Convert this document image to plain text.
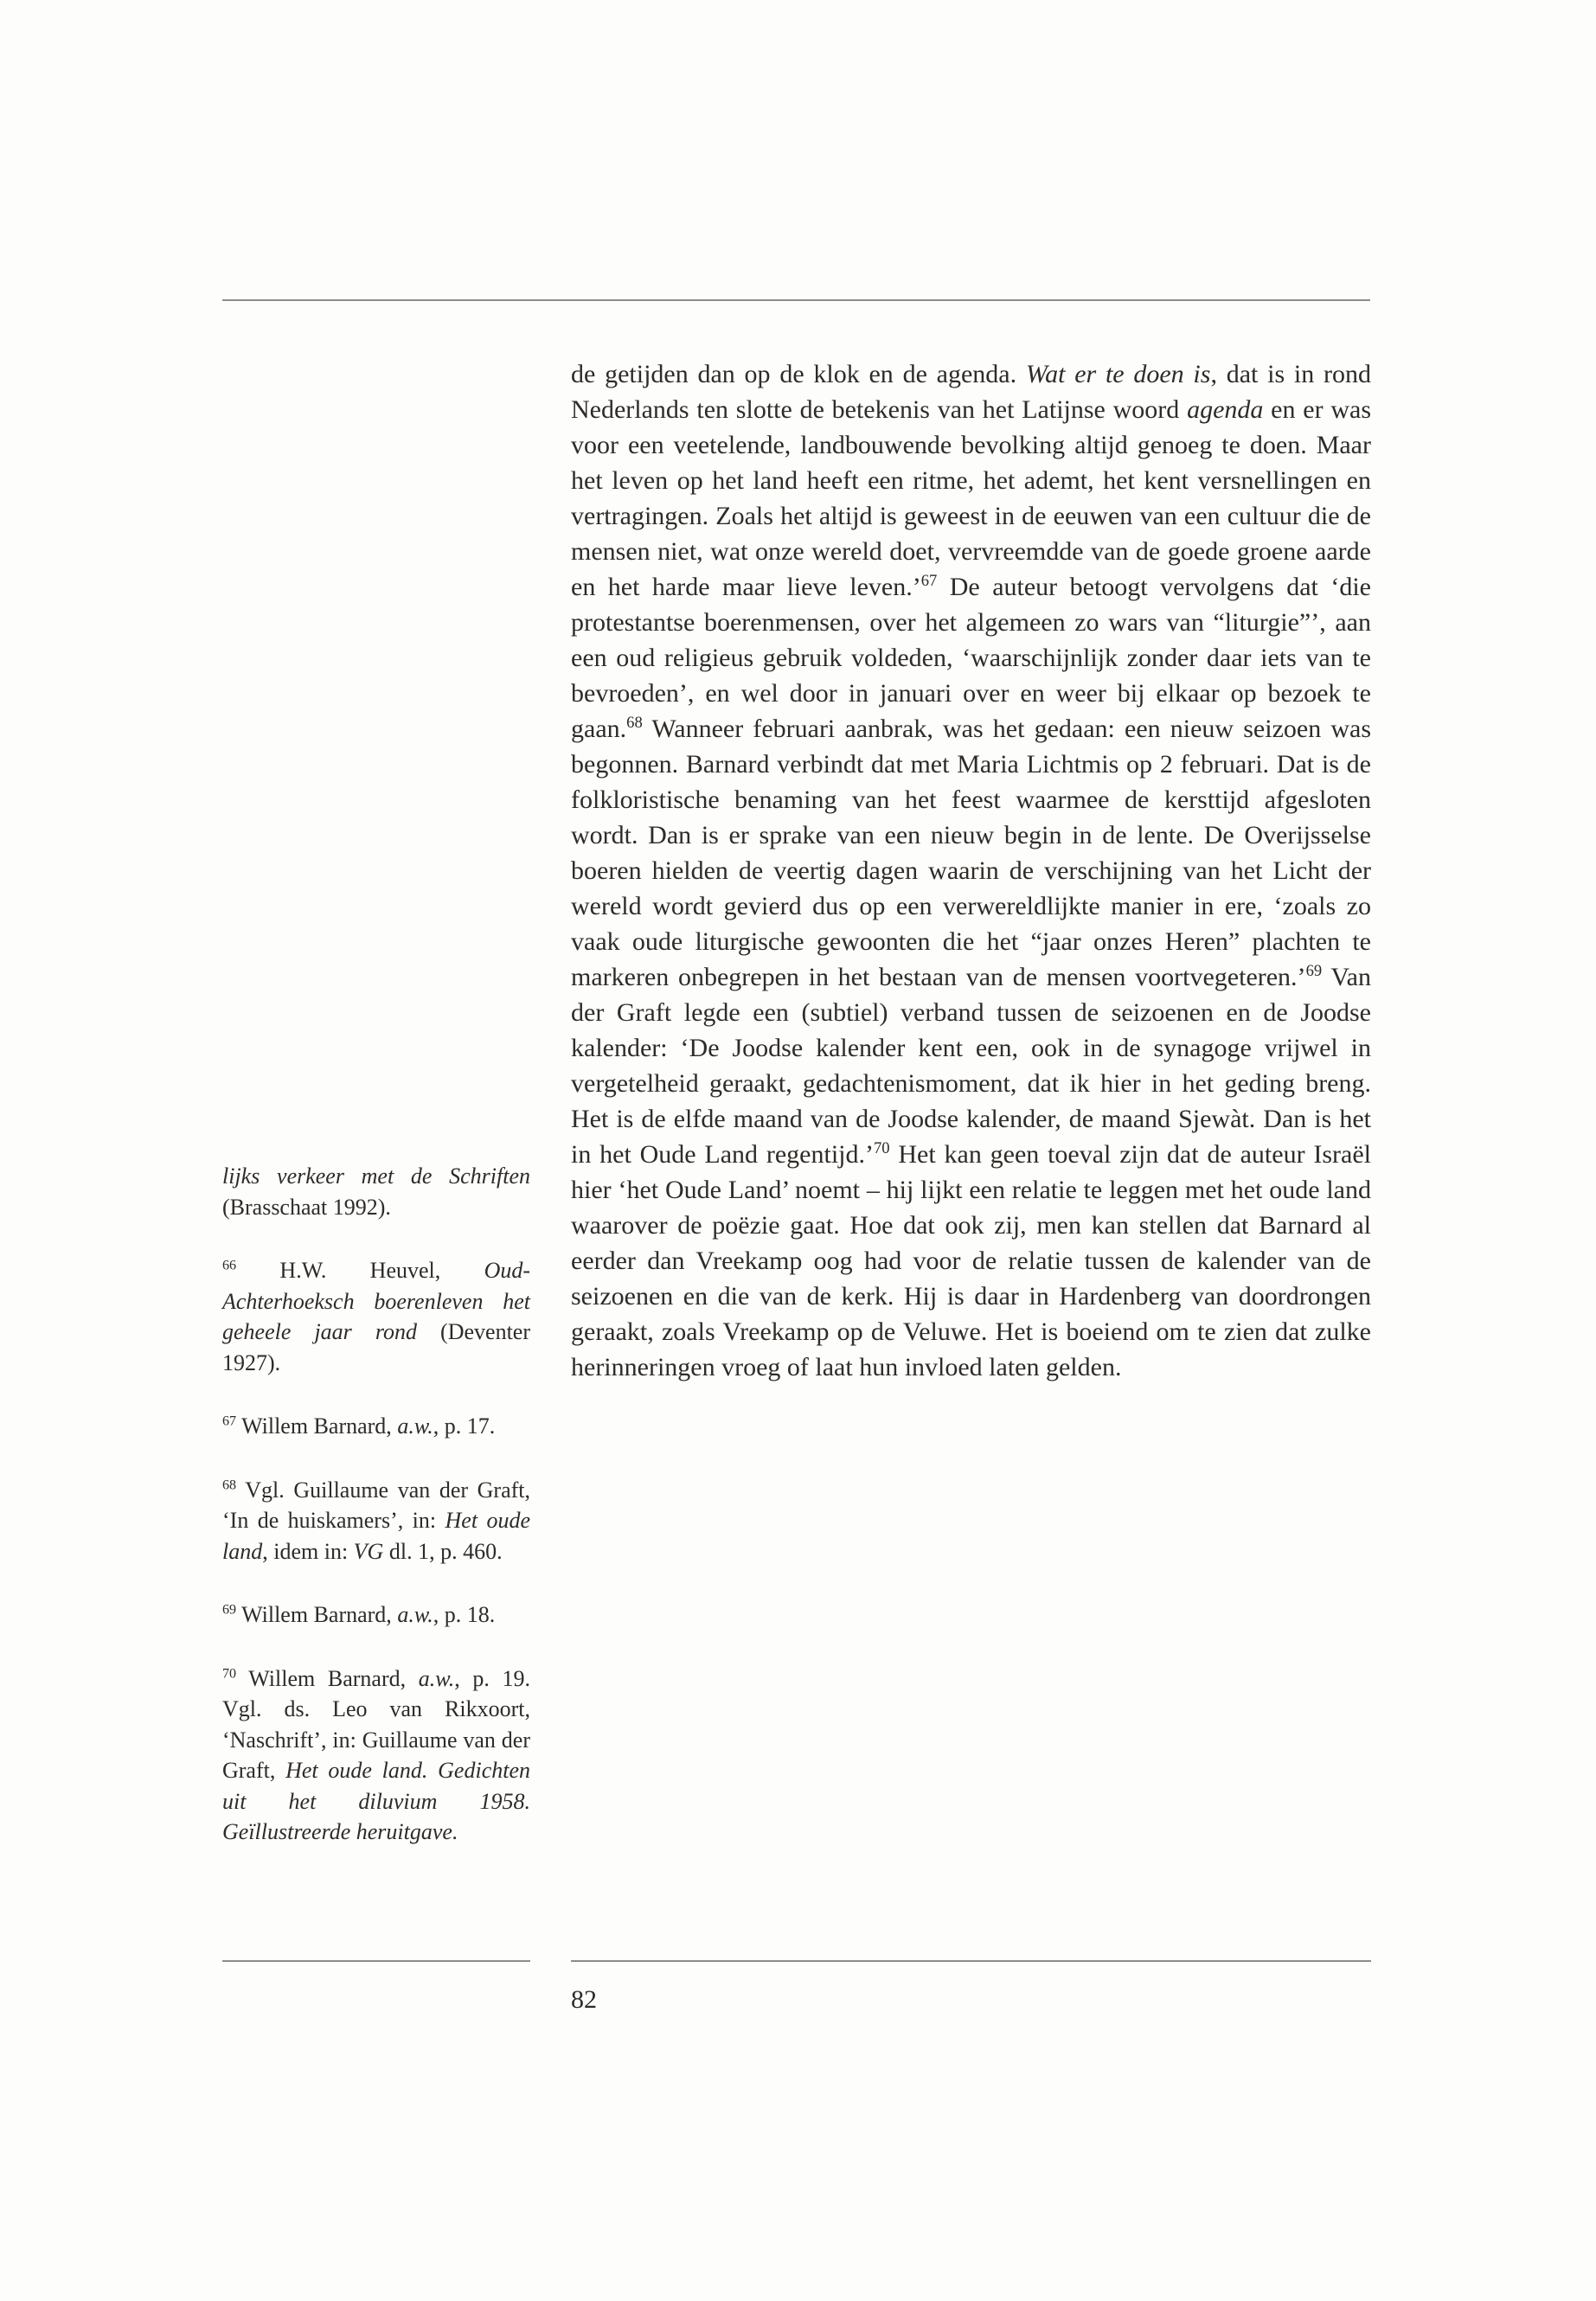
de getijden dan op de klok en de agenda. Wat er te doen is, dat is in rond Nederlands ten slotte de betekenis van het Latijnse woord agenda en er was voor een veetelende, landbouwende bevolking altijd genoeg te doen. Maar het leven op het land heeft een ritme, het ademt, het kent versnellingen en vertragingen. Zoals het altijd is geweest in de eeuwen van een cultuur die de mensen niet, wat onze wereld doet, vervreemdde van de goede groene aarde en het harde maar lieve leven.’$^{67}$ De auteur betoogt vervolgens dat ‘die protestantse boerenmensen, over het algemeen zo wars van “liturgie”’, aan een oud religieus gebruik voldeden, ‘waarschijnlijk zonder daar iets van te bevroeden’, en wel door in januari over en weer bij elkaar op bezoek te gaan.$^{68}$ Wanneer februari aanbrak, was het gedaan: een nieuw seizoen was begonnen. Barnard verbindt dat met Maria Lichtmis op 2 februari. Dat is de folkloristische benaming van het feest waarmee de kersttijd afgesloten wordt. Dan is er sprake van een nieuw begin in de lente. De Overijsselse boeren hielden de veertig dagen waarin de verschijning van het Licht der wereld wordt gevierd dus op een verwereldlijkte manier in ere, ‘zoals zo vaak oude liturgische gewoonten die het “jaar onzes Heren” plachten te markeren onbegrepen in het bestaan van de mensen voortvegeteren.’$^{69}$ Van der Graft legde een (subtiel) verband tussen de seizoenen en de Joodse kalender: ‘De Joodse kalender kent een, ook in de synagoge vrijwel in vergetelheid geraakt, gedachtenismoment, dat ik hier in het geding breng. Het is de elfde maand van de Joodse kalender, de maand Sjewàt. Dan is het in het Oude Land regentijd.’$^{70}$ Het kan geen toeval zijn dat de auteur Israël hier ‘het Oude Land’ noemt – hij lijkt een relatie te leggen met het oude land waarover de poëzie gaat. Hoe dat ook zij, men kan stellen dat Barnard al eerder dan Vreekamp oog had voor de relatie tussen de kalender van de seizoenen en die van de kerk. Hij is daar in Hardenberg van doordrongen geraakt, zoals Vreekamp op de Veluwe. Het is boeiend om te zien dat zulke herinneringen vroeg of laat hun invloed laten gelden.
lijks verkeer met de Schriften (Brasschaat 1992).
$^{66}$ H.W. Heuvel, Oud-Achterhoeksch boerenleven het geheele jaar rond (Deventer 1927).
$^{67}$ Willem Barnard, a.w., p. 17.
$^{68}$ Vgl. Guillaume van der Graft, ‘In de huiskamers’, in: Het oude land, idem in: VG dl. 1, p. 460.
$^{69}$ Willem Barnard, a.w., p. 18.
$^{70}$ Willem Barnard, a.w., p. 19. Vgl. ds. Leo van Rikxoort, ‘Naschrift’, in: Guillaume van der Graft, Het oude land. Gedichten uit het diluvium 1958. Geïllustreerde heruitgave.
82
